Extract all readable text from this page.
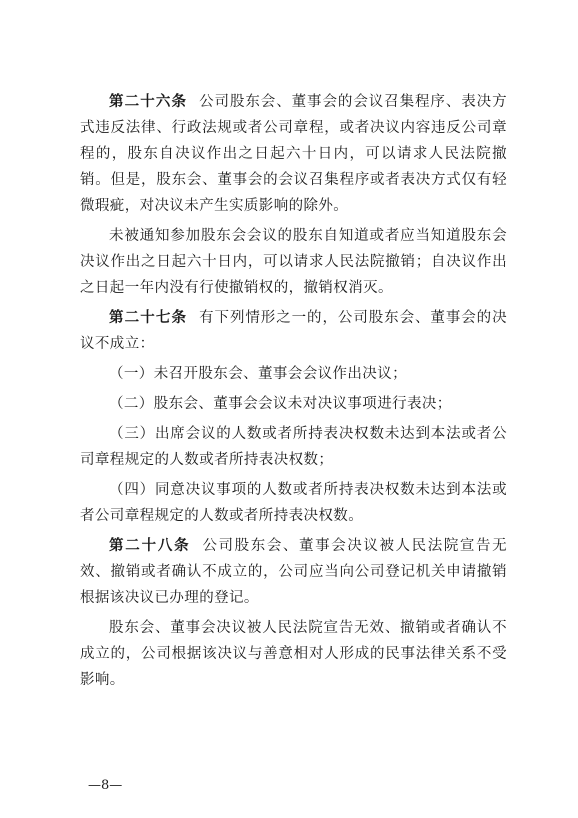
第二十六条 公司股东会、董事会的会议召集程序、表决方式违反法律、行政法规或者公司章程，或者决议内容违反公司章程的，股东自决议作出之日起六十日内，可以请求人民法院撤销。但是，股东会、董事会的会议召集程序或者表决方式仅有轻微瑕疵，对决议未产生实质影响的除外。

未被通知参加股东会会议的股东自知道或者应当知道股东会决议作出之日起六十日内，可以请求人民法院撤销；自决议作出之日起一年内没有行使撤销权的，撤销权消灭。

第二十七条 有下列情形之一的，公司股东会、董事会的决议不成立：

（一）未召开股东会、董事会会议作出决议；

（二）股东会、董事会会议未对决议事项进行表决；

（三）出席会议的人数或者所持表决权数未达到本法或者公司章程规定的人数或者所持表决权数；

（四）同意决议事项的人数或者所持表决权数未达到本法或者公司章程规定的人数或者所持表决权数。

第二十八条 公司股东会、董事会决议被人民法院宣告无效、撤销或者确认不成立的，公司应当向公司登记机关申请撤销根据该决议已办理的登记。

股东会、董事会决议被人民法院宣告无效、撤销或者确认不成立的，公司根据该决议与善意相对人形成的民事法律关系不受影响。

—8—
